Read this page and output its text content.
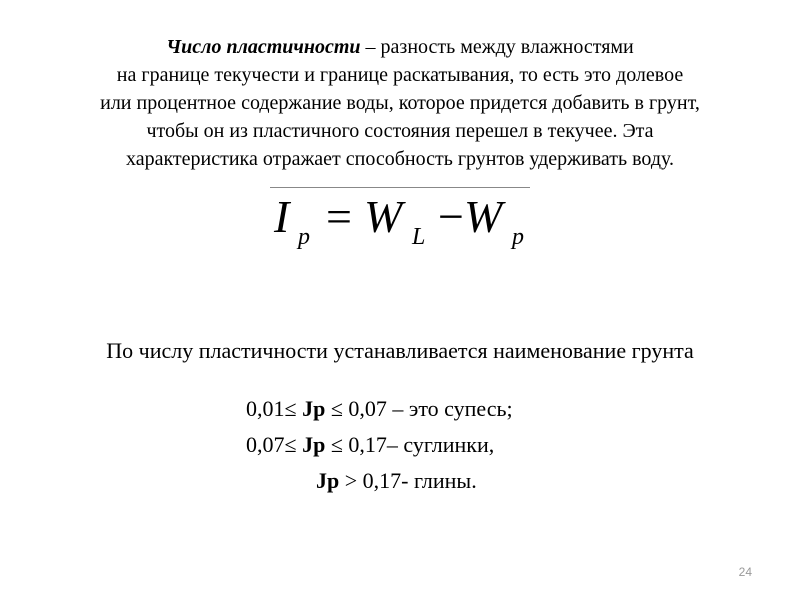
Число пластичности – разность между влажностями
на границе текучести и границе раскатывания, то есть это долевое
или процентное содержание воды, которое придется добавить в грунт,
чтобы он из пластичного состояния перешел в текучее. Эта
характеристика отражает способность грунтов удерживать воду.
I p = W L − W p
По числу пластичности устанавливается наименование грунта
0,01≤ Jp ≤ 0,07 – это супесь;
0,07≤ Jp ≤ 0,17– суглинки,
Jp > 0,17- глины.
24
